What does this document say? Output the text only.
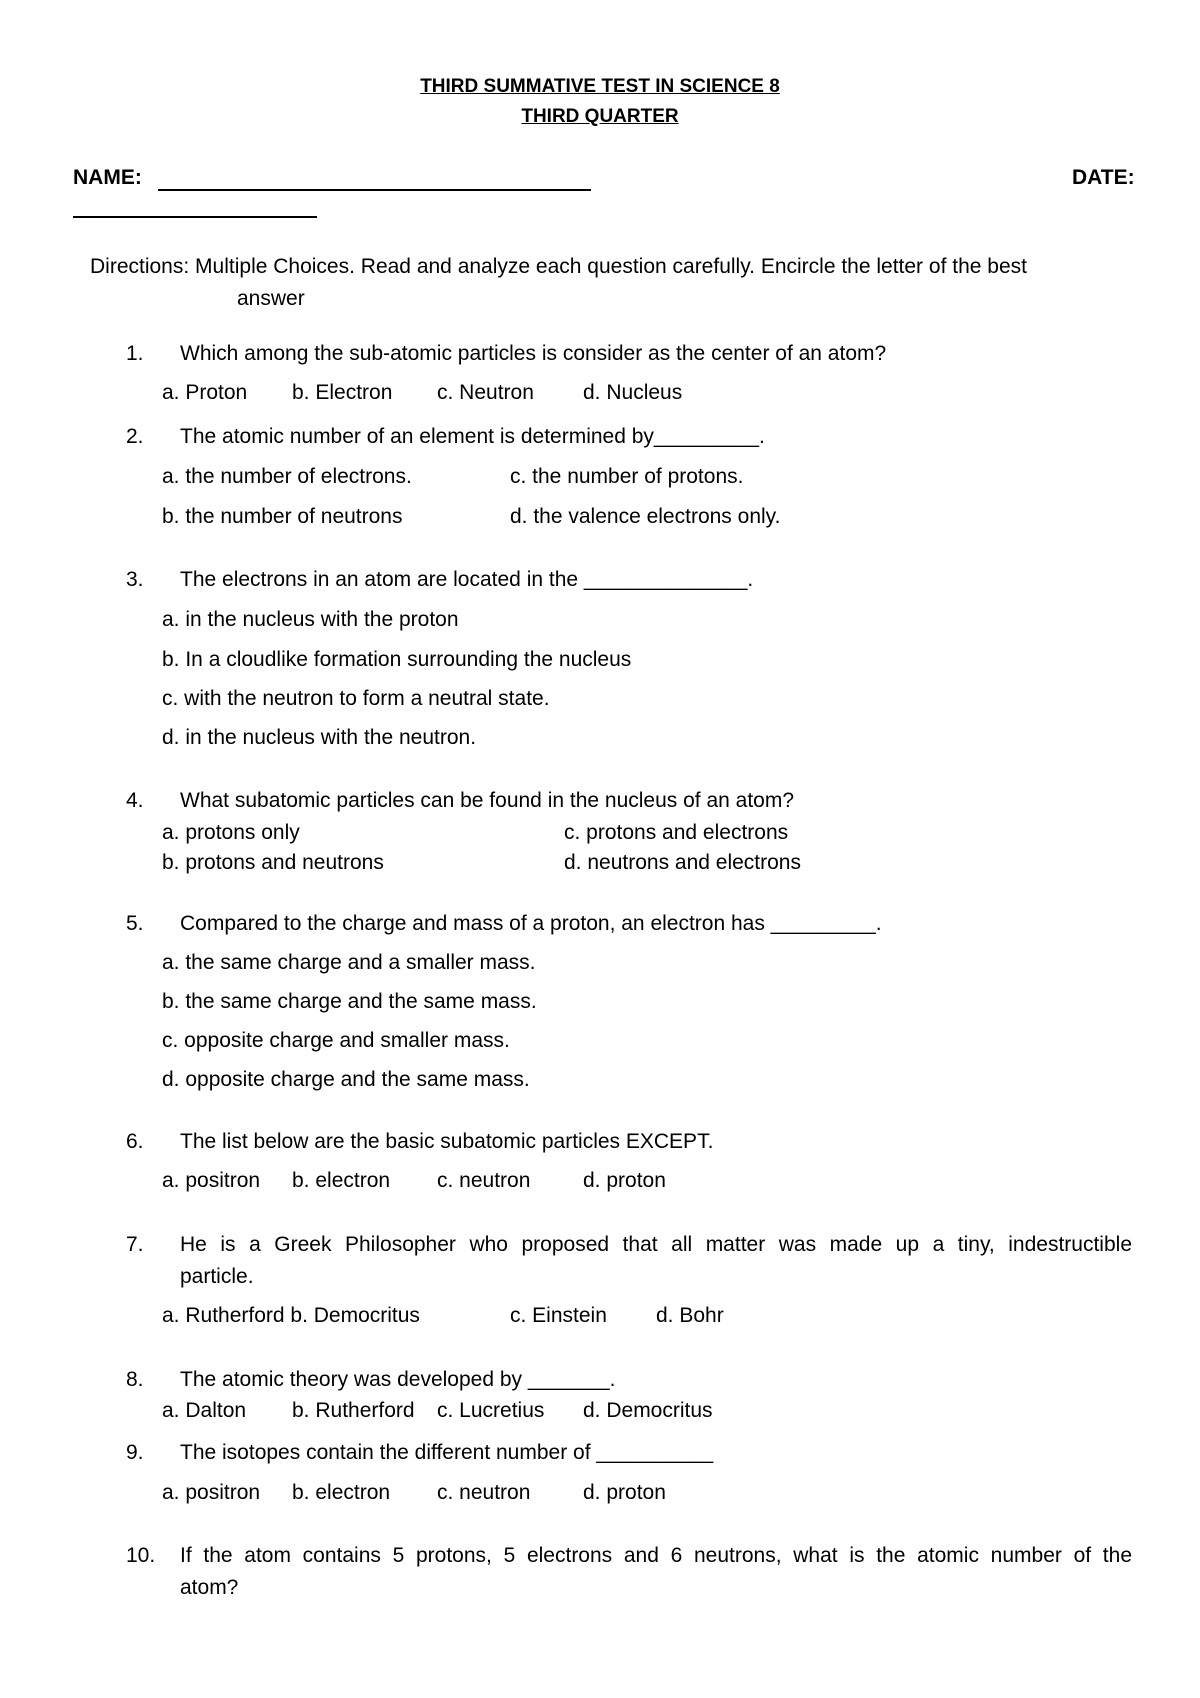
THIRD SUMMATIVE TEST IN SCIENCE 8
THIRD QUARTER
NAME:	DATE:
Directions: Multiple Choices. Read and analyze each question carefully. Encircle the letter of the best
answer
1. Which among the sub-atomic particles is consider as the center of an atom?
a. Proton b. Electron c. Neutron d. Nucleus
2. The atomic number of an element is determined by_________.
a. the number of electrons.	c. the number of protons.
b. the number of neutrons	d. the valence electrons only.
3. The electrons in an atom are located in the ______________.
a. in the nucleus with the proton
b. In a cloudlike formation surrounding the nucleus
c. with the neutron to form a neutral state.
d. in the nucleus with the neutron.
4. What subatomic particles can be found in the nucleus of an atom?
a. protons only	c. protons and electrons
b. protons and neutrons	d. neutrons and electrons
5. Compared to the charge and mass of a proton, an electron has _________.
a. the same charge and a smaller mass.
b. the same charge and the same mass.
c. opposite charge and smaller mass.
d. opposite charge and the same mass.
6. The list below are the basic subatomic particles EXCEPT.
a. positron b. electron c. neutron	d. proton
7. He is a Greek Philosopher who proposed that all matter was made up a tiny, indestructible
particle.
a. Rutherford b. Democritus	c. Einstein d. Bohr
8. The atomic theory was developed by _______.
a. Dalton b. Rutherford c. Lucretius d. Democritus
9. The isotopes contain the different number of __________
a. positron b. electron c. neutron	d. proton
10. If the atom contains 5 protons, 5 electrons and 6 neutrons, what is the atomic number of the
atom?
